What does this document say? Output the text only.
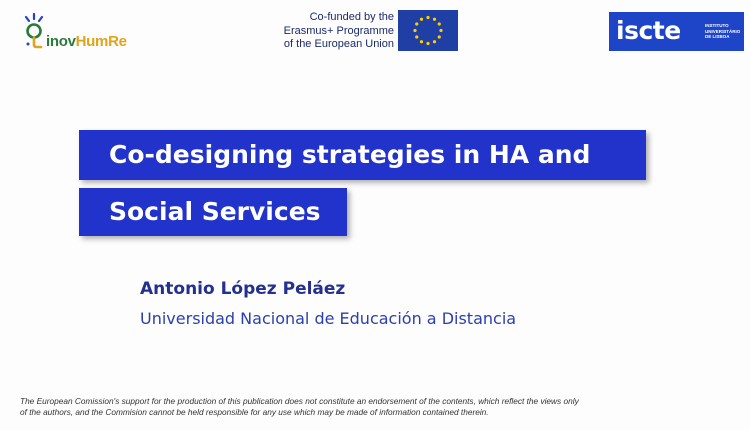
inovHumRe
Co-funded by the
Erasmus+ Programme
of the European Union	iscte	INSTITUTO
UNIVERSITÁRIO
DE LISBOA
Co-designing strategies in HA and
Social Services
Antonio López Peláez
Universidad Nacional de Educación a Distancia
The European Comission's support for the production of this publication does not constitute an endorsement of the contents, which reflect the views only
of the authors, and the Commision cannot be held responsible for any use which may be made of information contained therein.
